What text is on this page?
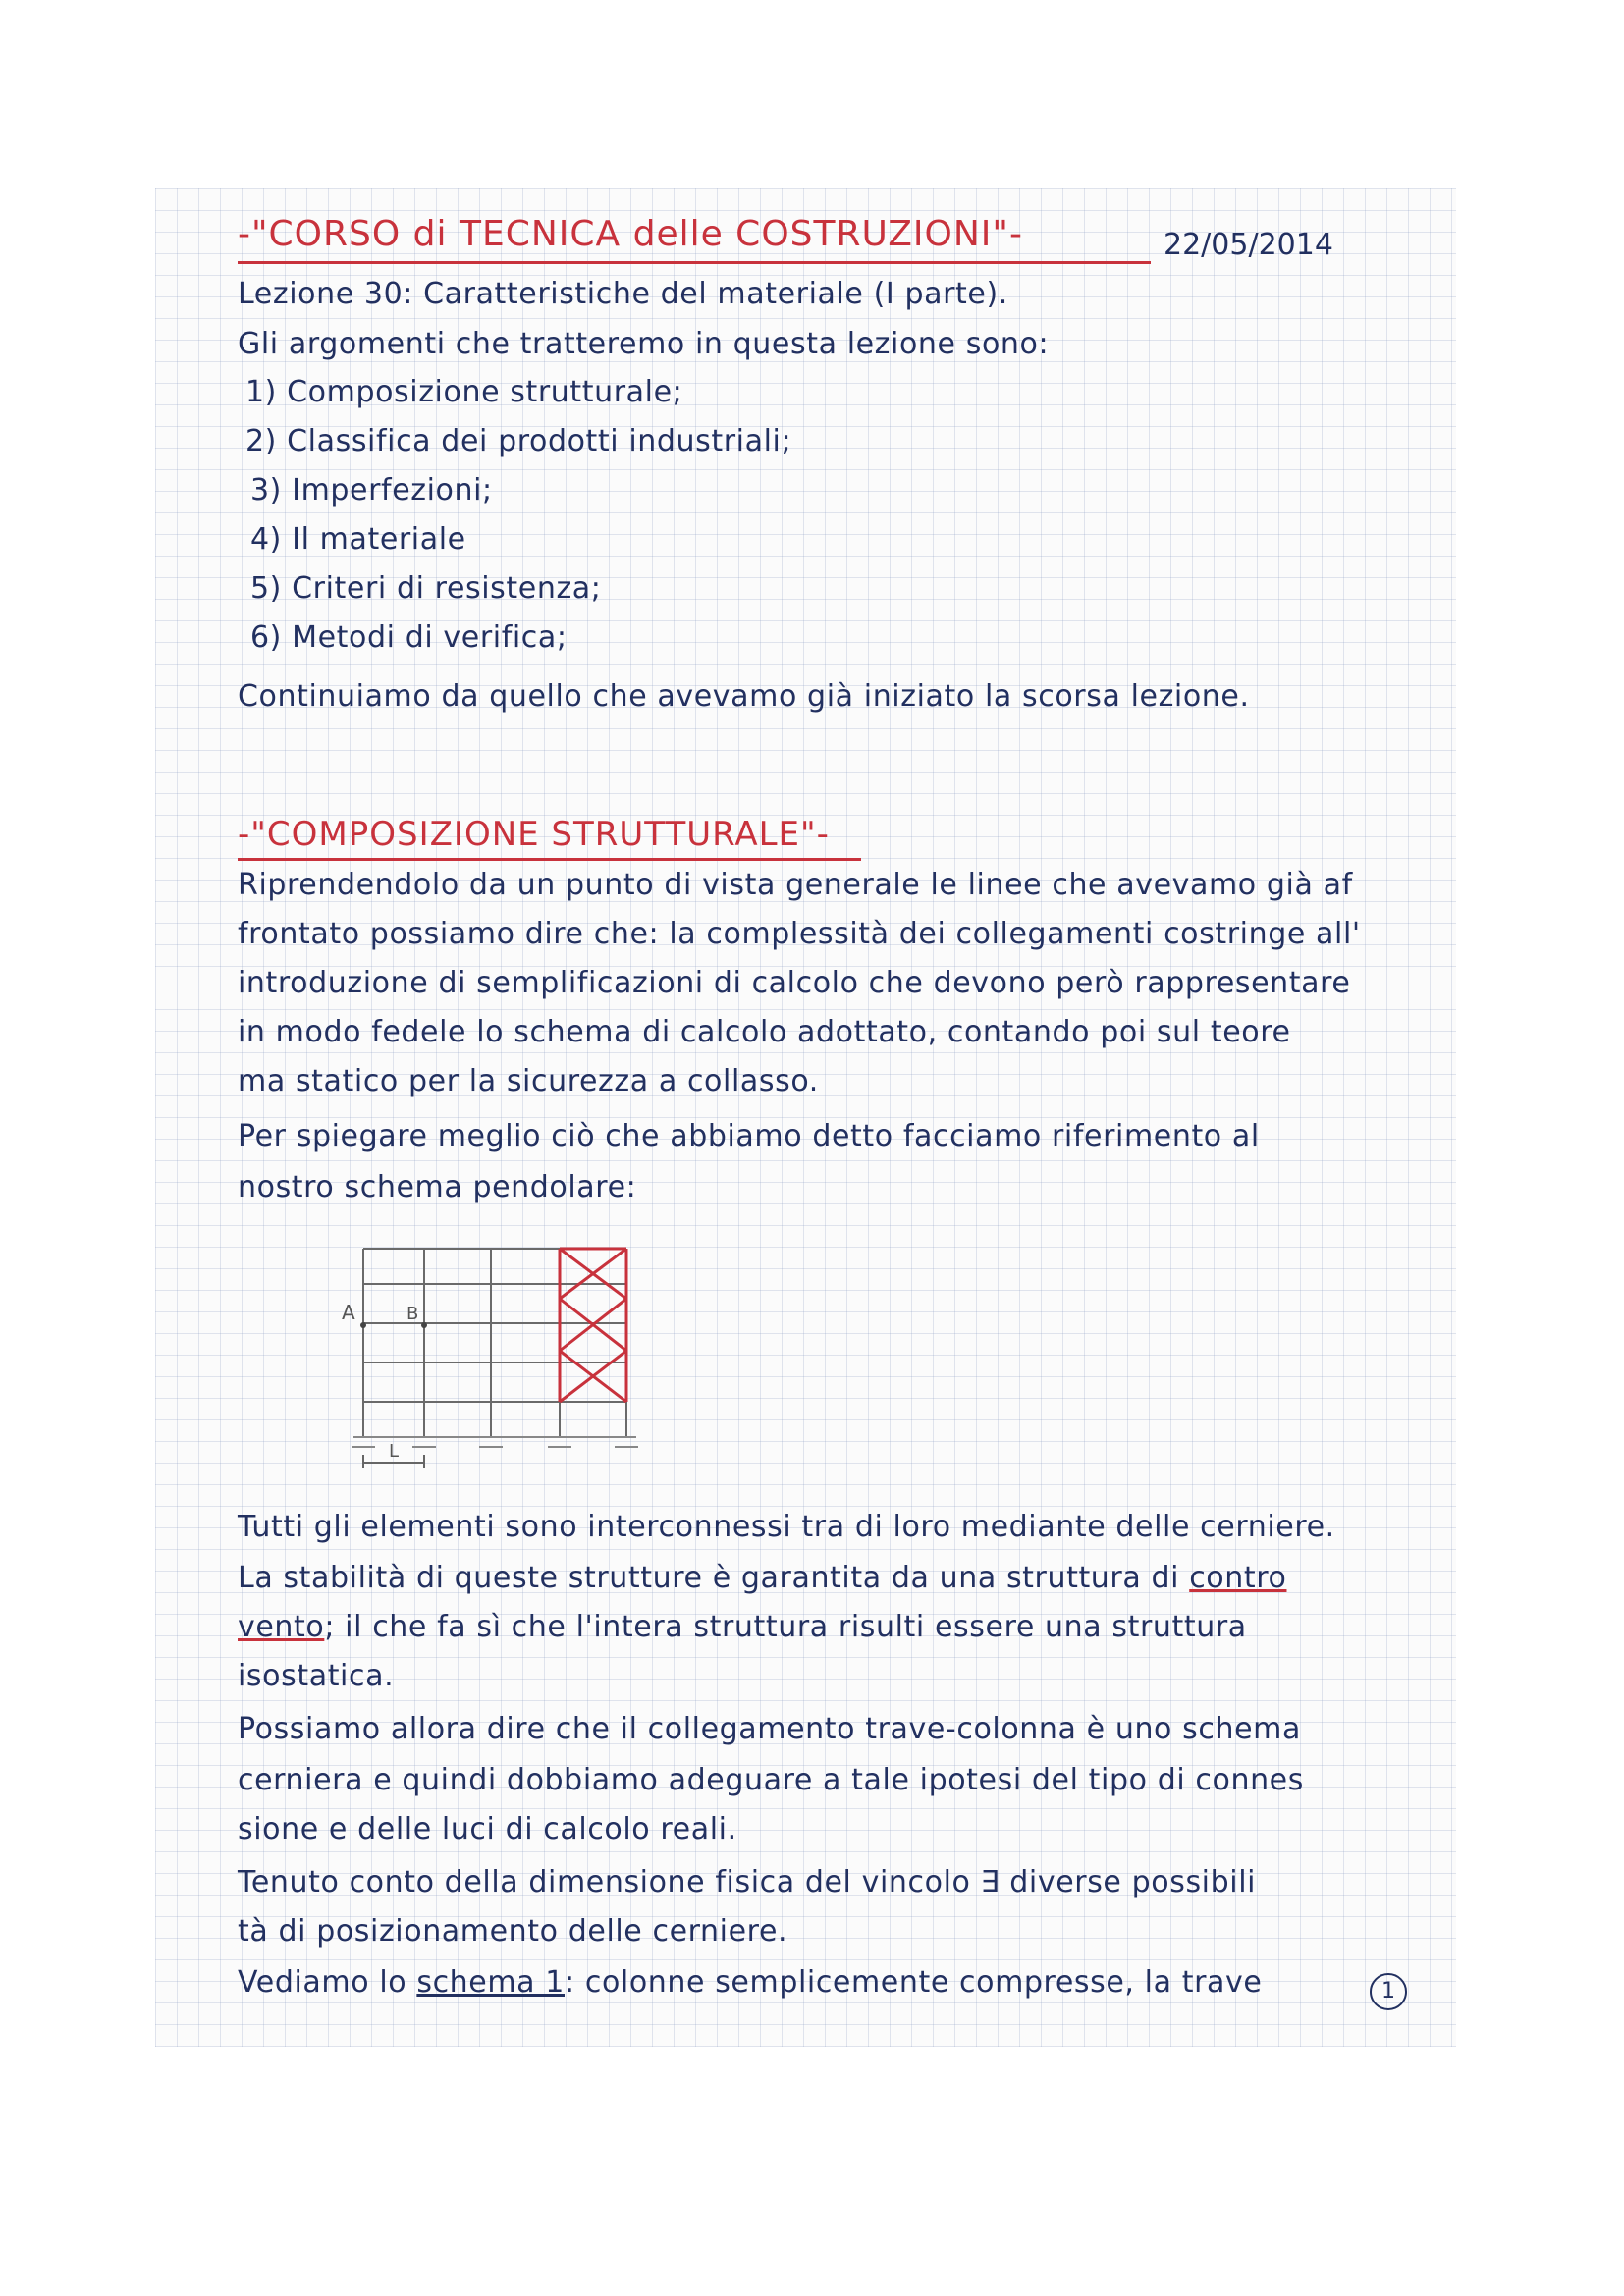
-"CORSO di TECNICA delle COSTRUZIONI"-	22/05/2014
Lezione 30: Caratteristiche del materiale (I parte).
Gli argomenti che tratteremo in questa lezione sono:
1) Composizione strutturale;
2) Classifica dei prodotti industriali;
3) Imperfezioni;
4) Il materiale
5) Criteri di resistenza;
6) Metodi di verifica;
Continuiamo da quello che avevamo già iniziato la scorsa lezione.
-"COMPOSIZIONE STRUTTURALE"-
Riprendendolo da un punto di vista generale le linee che avevamo già af
frontato possiamo dire che: la complessità dei collegamenti costringe all'
introduzione di semplificazioni di calcolo che devono però rappresentare
in modo fedele lo schema di calcolo adottato, contando poi sul teore
ma statico per la sicurezza a collasso.
Per spiegare meglio ciò che abbiamo detto facciamo riferimento al
nostro schema pendolare:
A	B
L
Tutti gli elementi sono interconnessi tra di loro mediante delle cerniere.
La stabilità di queste strutture è garantita da una struttura di contro
vento; il che fa sì che l'intera struttura risulti essere una struttura
isostatica.
Possiamo allora dire che il collegamento trave-colonna è uno schema
cerniera e quindi dobbiamo adeguare a tale ipotesi del tipo di connes
sione e delle luci di calcolo reali.
Tenuto conto della dimensione fisica del vincolo ∃ diverse possibili
tà di posizionamento delle cerniere.
Vediamo lo schema 1: colonne semplicemente compresse, la trave	1
